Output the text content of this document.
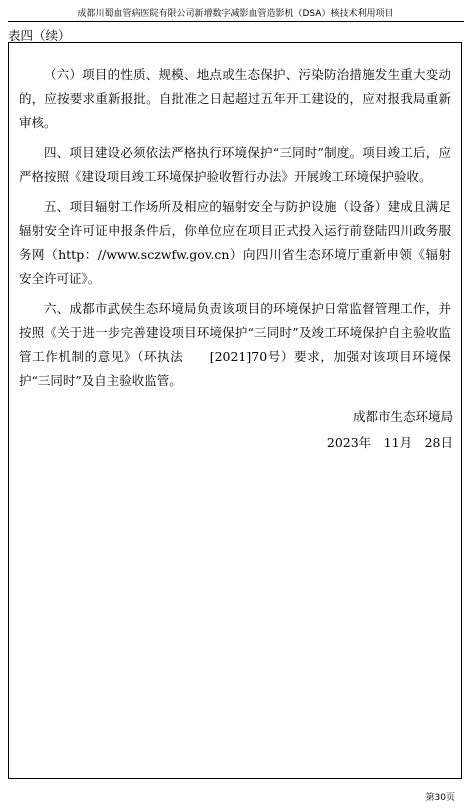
成都川蜀血管病医院有限公司新增数字减影血管造影机（DSA）核技术利用项目
表四（续）

（六）项目的性质、规模、地点或生态保护、污染防治措施发生重大变动的，应按要求重新报批。自批准之日起超过五年开工建设的，应对报我局重新审核。

四、项目建设必须依法严格执行环境保护“三同时”制度。项目竣工后，应严格按照《建设项目竣工环境保护验收暂行办法》开展竣工环境保护验收。

五、项目辐射工作场所及相应的辐射安全与防护设施（设备）建成且满足辐射安全许可证申报条件后，你单位应在项目正式投入运行前登陆四川政务服务网（http：//www.sczwfw.gov.cn）向四川省生态环境厅重新申领《辐射安全许可证》。

六、成都市武侯生态环境局负责该项目的环境保护日常监督管理工作，并按照《关于进一步完善建设项目环境保护“三同时”及竣工环境保护自主验收监管工作机制的意见》（环执法　　[2021]70号）要求，加强对该项目环境保护“三同时”及自主验收监管。

成都市生态环境局
2023年　11月　28日
第30页
